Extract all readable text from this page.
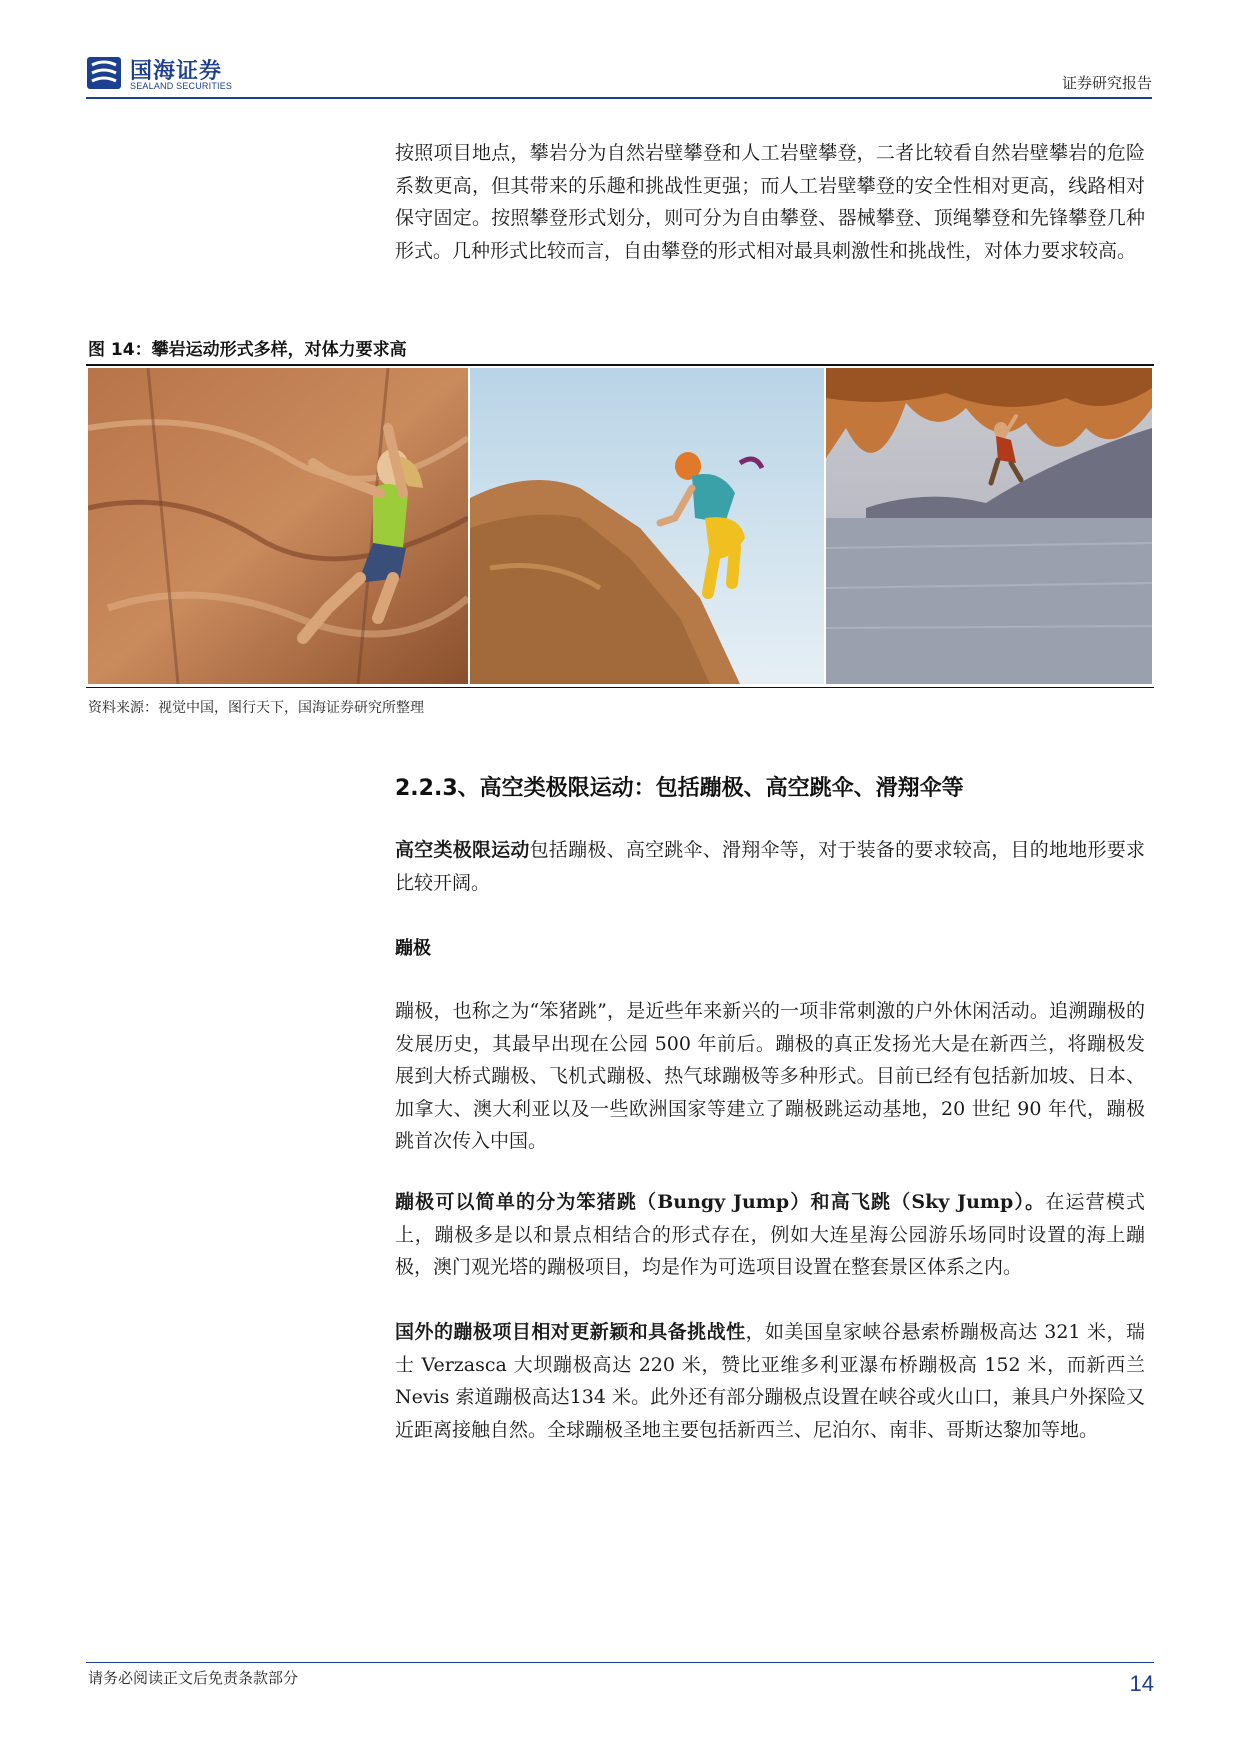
国海证券
SEALAND SECURITIES	证券研究报告
按照项目地点，攀岩分为自然岩壁攀登和人工岩壁攀登，二者比较看自然岩壁攀岩的危险系数更高，但其带来的乐趣和挑战性更强；而人工岩壁攀登的安全性相对更高，线路相对保守固定。按照攀登形式划分，则可分为自由攀登、器械攀登、顶绳攀登和先锋攀登几种形式。几种形式比较而言，自由攀登的形式相对最具刺激性和挑战性，对体力要求较高。
图 14：攀岩运动形式多样，对体力要求高
资料来源：视觉中国，图行天下，国海证券研究所整理
2.2.3、高空类极限运动：包括蹦极、高空跳伞、滑翔伞等
高空类极限运动包括蹦极、高空跳伞、滑翔伞等，对于装备的要求较高，目的地地形要求比较开阔。
蹦极
蹦极，也称之为“笨猪跳”，是近些年来新兴的一项非常刺激的户外休闲活动。追溯蹦极的发展历史，其最早出现在公园 500 年前后。蹦极的真正发扬光大是在新西兰，将蹦极发展到大桥式蹦极、飞机式蹦极、热气球蹦极等多种形式。目前已经有包括新加坡、日本、加拿大、澳大利亚以及一些欧洲国家等建立了蹦极跳运动基地，20 世纪 90 年代，蹦极跳首次传入中国。
蹦极可以简单的分为笨猪跳（Bungy Jump）和高飞跳（Sky Jump）。在运营模式上，蹦极多是以和景点相结合的形式存在，例如大连星海公园游乐场同时设置的海上蹦极，澳门观光塔的蹦极项目，均是作为可选项目设置在整套景区体系之内。
国外的蹦极项目相对更新颖和具备挑战性，如美国皇家峡谷悬索桥蹦极高达 321 米，瑞士 Verzasca 大坝蹦极高达 220 米，赞比亚维多利亚瀑布桥蹦极高 152 米，而新西兰 Nevis 索道蹦极高达134 米。此外还有部分蹦极点设置在峡谷或火山口，兼具户外探险又近距离接触自然。全球蹦极圣地主要包括新西兰、尼泊尔、南非、哥斯达黎加等地。
请务必阅读正文后免责条款部分	14
